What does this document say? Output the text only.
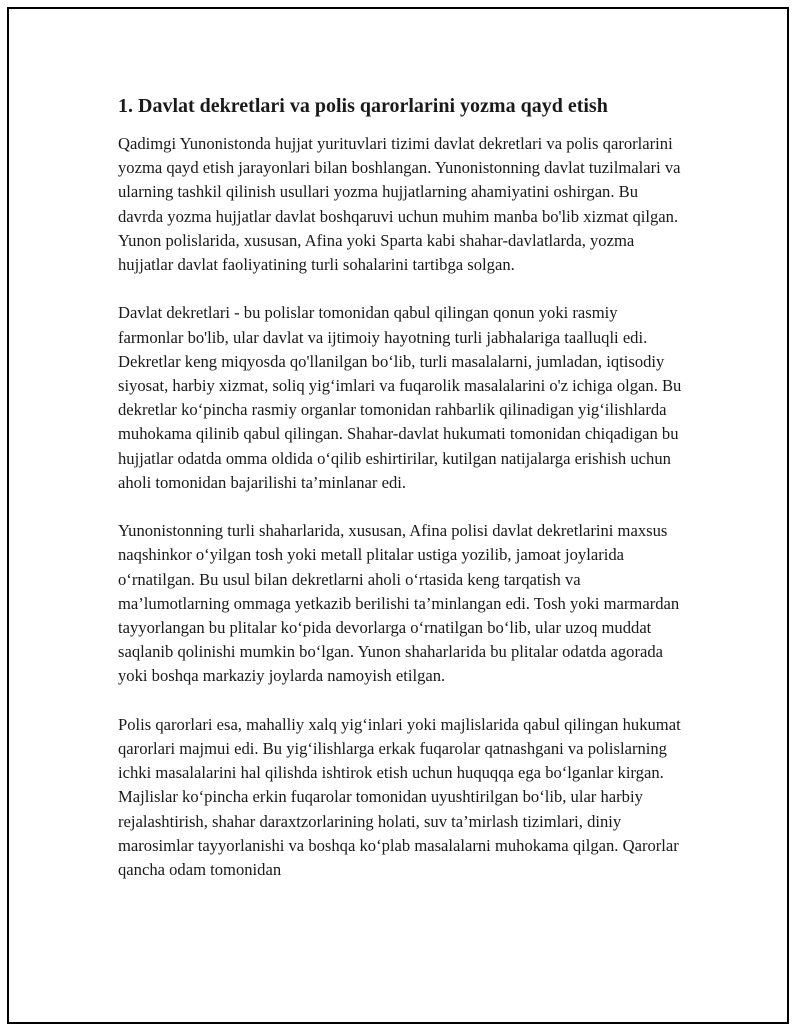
1. Davlat dekretlari va polis qarorlarini yozma qayd etish

Qadimgi Yunonistonda hujjat yurituvlari tizimi davlat dekretlari va polis qarorlarini yozma qayd etish jarayonlari bilan boshlangan. Yunonistonning davlat tuzilmalari va ularning tashkil qilinish usullari yozma hujjatlarning ahamiyatini oshirgan. Bu davrda yozma hujjatlar davlat boshqaruvi uchun muhim manba bo'lib xizmat qilgan. Yunon polislarida, xususan, Afina yoki Sparta kabi shahar-davlatlarda, yozma hujjatlar davlat faoliyatining turli sohalarini tartibga solgan.

Davlat dekretlari - bu polislar tomonidan qabul qilingan qonun yoki rasmiy farmonlar bo'lib, ular davlat va ijtimoiy hayotning turli jabhalariga taalluqli edi. Dekretlar keng miqyosda qo'llanilgan bo‘lib, turli masalalarni, jumladan, iqtisodiy siyosat, harbiy xizmat, soliq yig‘imlari va fuqarolik masalalarini o'z ichiga olgan. Bu dekretlar ko‘pincha rasmiy organlar tomonidan rahbarlik qilinadigan yig‘ilishlarda muhokama qilinib qabul qilingan. Shahar-davlat hukumati tomonidan chiqadigan bu hujjatlar odatda omma oldida o‘qilib eshirtirilar, kutilgan natijalarga erishish uchun aholi tomonidan bajarilishi ta’minlanar edi.

Yunonistonning turli shaharlarida, xususan, Afina polisi davlat dekretlarini maxsus naqshinkor o‘yilgan tosh yoki metall plitalar ustiga yozilib, jamoat joylarida o‘rnatilgan. Bu usul bilan dekretlarni aholi o‘rtasida keng tarqatish va ma’lumotlarning ommaga yetkazib berilishi ta’minlangan edi. Tosh yoki marmardan tayyorlangan bu plitalar ko‘pida devorlarga o‘rnatilgan bo‘lib, ular uzoq muddat saqlanib qolinishi mumkin bo‘lgan. Yunon shaharlarida bu plitalar odatda agorada yoki boshqa markaziy joylarda namoyish etilgan.

Polis qarorlari esa, mahalliy xalq yig‘inlari yoki majlislarida qabul qilingan hukumat qarorlari majmui edi. Bu yig‘ilishlarga erkak fuqarolar qatnashgani va polislarning ichki masalalarini hal qilishda ishtirok etish uchun huquqqa ega bo‘lganlar kirgan. Majlislar ko‘pincha erkin fuqarolar tomonidan uyushtirilgan bo‘lib, ular harbiy rejalashtirish, shahar daraxtzorlarining holati, suv ta’mirlash tizimlari, diniy marosimlar tayyorlanishi va boshqa ko‘plab masalalarni muhokama qilgan. Qarorlar qancha odam tomonidan
